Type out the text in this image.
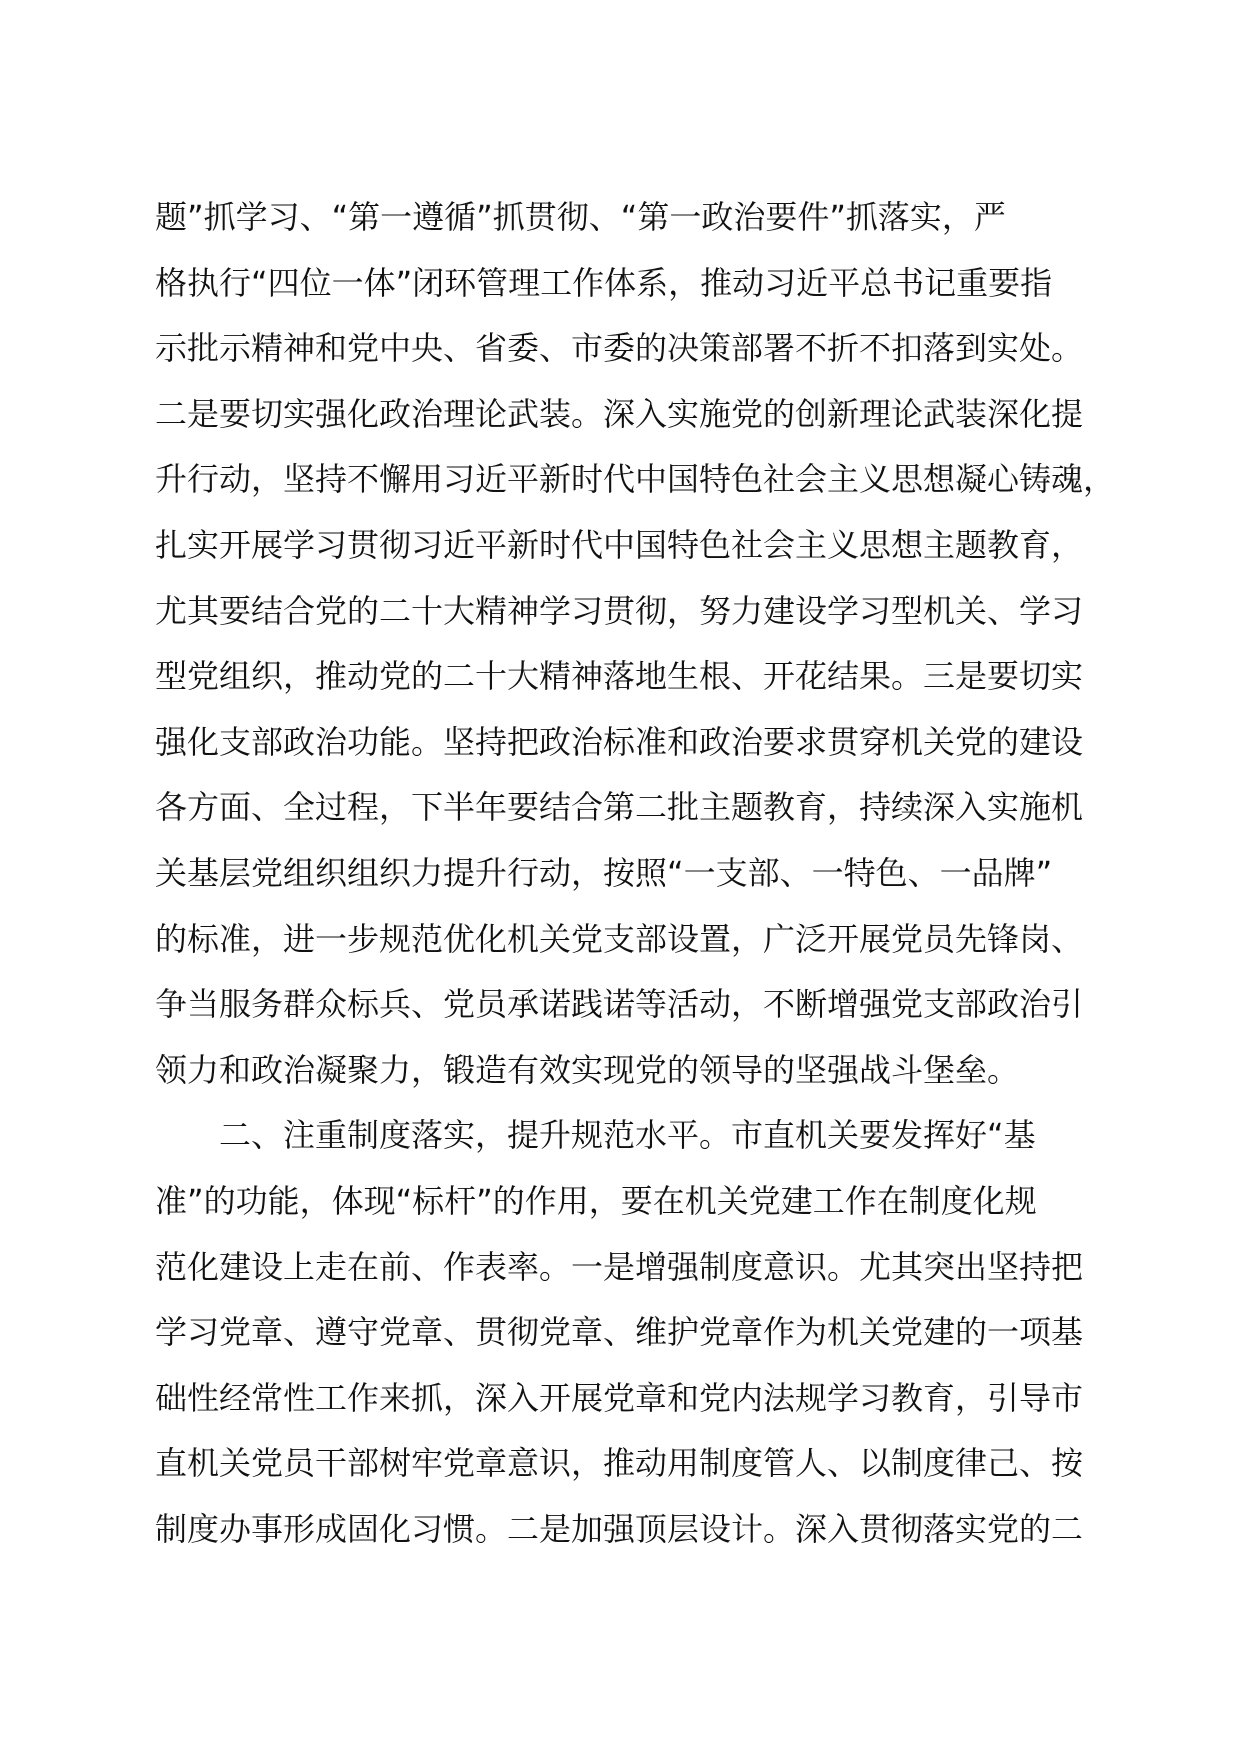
题”抓学习、“第一遵循”抓贯彻、“第一政治要件”抓落实，严

格执行“四位一体”闭环管理工作体系，推动习近平总书记重要指

示批示精神和党中央、省委、市委的决策部署不折不扣落到实处。

二是要切实强化政治理论武装。深入实施党的创新理论武装深化提

升行动，坚持不懈用习近平新时代中国特色社会主义思想凝心铸魂，

扎实开展学习贯彻习近平新时代中国特色社会主义思想主题教育，

尤其要结合党的二十大精神学习贯彻，努力建设学习型机关、学习

型党组织，推动党的二十大精神落地生根、开花结果。三是要切实

强化支部政治功能。坚持把政治标准和政治要求贯穿机关党的建设

各方面、全过程，下半年要结合第二批主题教育，持续深入实施机

关基层党组织组织力提升行动，按照“一支部、一特色、一品牌”

的标准，进一步规范优化机关党支部设置，广泛开展党员先锋岗、

争当服务群众标兵、党员承诺践诺等活动，不断增强党支部政治引

领力和政治凝聚力，锻造有效实现党的领导的坚强战斗堡垒。

二、注重制度落实，提升规范水平。市直机关要发挥好“基

准”的功能，体现“标杆”的作用，要在机关党建工作在制度化规

范化建设上走在前、作表率。一是增强制度意识。尤其突出坚持把

学习党章、遵守党章、贯彻党章、维护党章作为机关党建的一项基

础性经常性工作来抓，深入开展党章和党内法规学习教育，引导市

直机关党员干部树牢党章意识，推动用制度管人、以制度律己、按

制度办事形成固化习惯。二是加强顶层设计。深入贯彻落实党的二
